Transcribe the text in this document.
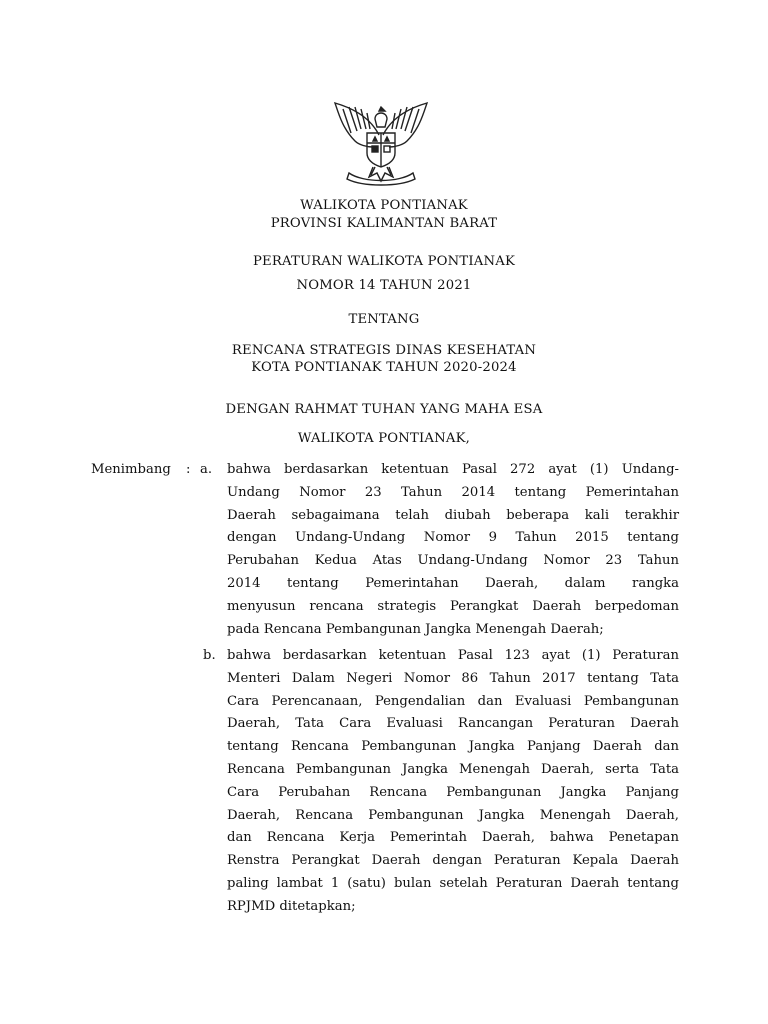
WALIKOTA PONTIANAK
PROVINSI KALIMANTAN BARAT
PERATURAN WALIKOTA PONTIANAK
NOMOR 14 TAHUN 2021
TENTANG
RENCANA STRATEGIS DINAS KESEHATAN
KOTA PONTIANAK TAHUN 2020-2024
DENGAN RAHMAT TUHAN YANG MAHA ESA
WALIKOTA PONTIANAK,
Menimbang : a. bahwa berdasarkan ketentuan Pasal 272 ayat (1) Undang-
Undang Nomor 23 Tahun 2014 tentang Pemerintahan
Daerah sebagaimana telah diubah beberapa kali terakhir
dengan Undang-Undang Nomor 9 Tahun 2015 tentang
Perubahan Kedua Atas Undang-Undang Nomor 23 Tahun
2014 tentang Pemerintahan Daerah, dalam rangka
menyusun rencana strategis Perangkat Daerah berpedoman
pada Rencana Pembangunan Jangka Menengah Daerah;
b. bahwa berdasarkan ketentuan Pasal 123 ayat (1) Peraturan
Menteri Dalam Negeri Nomor 86 Tahun 2017 tentang Tata
Cara Perencanaan, Pengendalian dan Evaluasi Pembangunan
Daerah, Tata Cara Evaluasi Rancangan Peraturan Daerah
tentang Rencana Pembangunan Jangka Panjang Daerah dan
Rencana Pembangunan Jangka Menengah Daerah, serta Tata
Cara Perubahan Rencana Pembangunan Jangka Panjang
Daerah, Rencana Pembangunan Jangka Menengah Daerah,
dan Rencana Kerja Pemerintah Daerah, bahwa Penetapan
Renstra Perangkat Daerah dengan Peraturan Kepala Daerah
paling lambat 1 (satu) bulan setelah Peraturan Daerah tentang
RPJMD ditetapkan;
